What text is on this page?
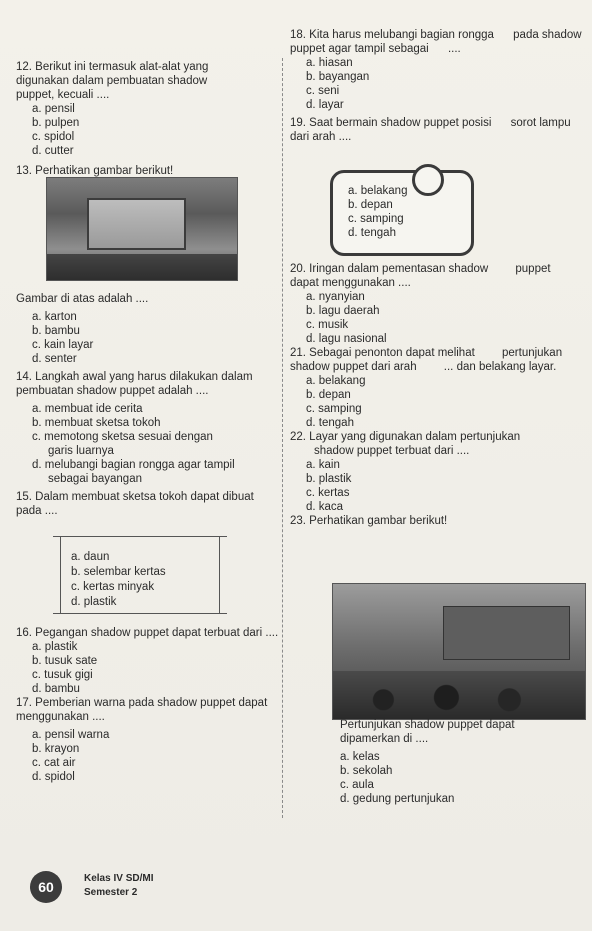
12. Berikut ini termasuk alat-alat yang
digunakan dalam pembuatan shadow
puppet, kecuali ....
a. pensil
b. pulpen
c. spidol
d. cutter
13. Perhatikan gambar berikut!
Gambar di atas adalah ....
a. karton
b. bambu
c. kain layar
d. senter
14. Langkah awal yang harus dilakukan dalam pembuatan shadow puppet adalah ....
a. membuat ide cerita
b. membuat sketsa tokoh
c. memotong sketsa sesuai dengan
garis luarnya
d. melubangi bagian rongga agar tampil
sebagai bayangan
15. Dalam membuat sketsa tokoh dapat dibuat pada ....
a. daun
b. selembar kertas
c. kertas minyak
d. plastik
16. Pegangan shadow puppet dapat terbuat dari ....
a. plastik
b. tusuk sate
c. tusuk gigi
d. bambu
17. Pemberian warna pada shadow puppet dapat menggunakan ....
a. pensil warna
b. krayon
c. cat air
d. spidol
18. Kita harus melubangi bagian rongga pada shadow puppet agar tampil sebagai ....
a. hiasan
b. bayangan
c. seni
d. layar
19. Saat bermain shadow puppet posisi sorot lampu dari arah ....
a. belakang
b. depan
c. samping
d. tengah
20. Iringan dalam pementasan shadow puppet dapat menggunakan ....
a. nyanyian
b. lagu daerah
c. musik
d. lagu nasional
21. Sebagai penonton dapat melihat pertunjukan shadow puppet dari arah ... dan belakang layar.
a. belakang
b. depan
c. samping
d. tengah
22. Layar yang digunakan dalam pertunjukan shadow puppet terbuat dari ....
a. kain
b. plastik
c. kertas
d. kaca
23. Perhatikan gambar berikut!
Pertunjukan shadow puppet dapat dipamerkan di ....
a. kelas
b. sekolah
c. aula
d. gedung pertunjukan
60
Kelas IV SD/MI
Semester 2
